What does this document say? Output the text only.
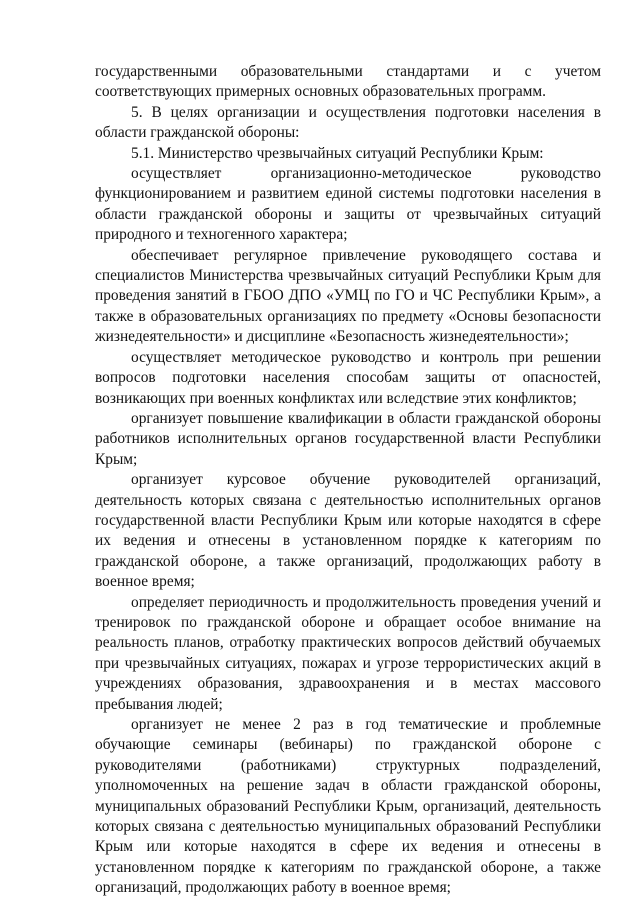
государственными образовательными стандартами и с учетом соответствующих примерных основных образовательных программ.

5. В целях организации и осуществления подготовки населения в области гражданской обороны:

5.1. Министерство чрезвычайных ситуаций Республики Крым:

осуществляет организационно-методическое руководство функционированием и развитием единой системы подготовки населения в области гражданской обороны и защиты от чрезвычайных ситуаций природного и техногенного характера;

обеспечивает регулярное привлечение руководящего состава и специалистов Министерства чрезвычайных ситуаций Республики Крым для проведения занятий в ГБОО ДПО «УМЦ по ГО и ЧС Республики Крым», а также в образовательных организациях по предмету «Основы безопасности жизнедеятельности» и дисциплине «Безопасность жизнедеятельности»;

осуществляет методическое руководство и контроль при решении вопросов подготовки населения способам защиты от опасностей, возникающих при военных конфликтах или вследствие этих конфликтов;

организует повышение квалификации в области гражданской обороны работников исполнительных органов государственной власти Республики Крым;

организует курсовое обучение руководителей организаций, деятельность которых связана с деятельностью исполнительных органов государственной власти Республики Крым или которые находятся в сфере их ведения и отнесены в установленном порядке к категориям по гражданской обороне, а также организаций, продолжающих работу в военное время;

определяет периодичность и продолжительность проведения учений и тренировок по гражданской обороне и обращает особое внимание на реальность планов, отработку практических вопросов действий обучаемых при чрезвычайных ситуациях, пожарах и угрозе террористических акций в учреждениях образования, здравоохранения и в местах массового пребывания людей;

организует не менее 2 раз в год тематические и проблемные обучающие семинары (вебинары) по гражданской обороне с руководителями (работниками) структурных подразделений, уполномоченных на решение задач в области гражданской обороны, муниципальных образований Республики Крым, организаций, деятельность которых связана с деятельностью муниципальных образований Республики Крым или которые находятся в сфере их ведения и отнесены в установленном порядке к категориям по гражданской обороне, а также организаций, продолжающих работу в военное время;
